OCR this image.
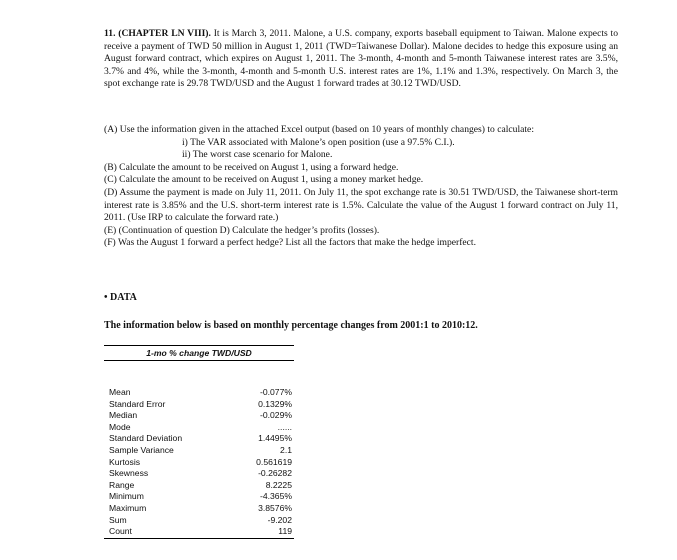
11. (CHAPTER LN VIII). It is March 3, 2011. Malone, a U.S. company, exports baseball equipment to Taiwan. Malone expects to receive a payment of TWD 50 million in August 1, 2011 (TWD=Taiwanese Dollar). Malone decides to hedge this exposure using an August forward contract, which expires on August 1, 2011. The 3-month, 4-month and 5-month Taiwanese interest rates are 3.5%, 3.7% and 4%, while the 3-month, 4-month and 5-month U.S. interest rates are 1%, 1.1% and 1.3%, respectively. On March 3, the spot exchange rate is 29.78 TWD/USD and the August 1 forward trades at 30.12 TWD/USD.

(A) Use the information given in the attached Excel output (based on 10 years of monthly changes) to calculate:

i) The VAR associated with Malone’s open position (use a 97.5% C.I.).

ii) The worst case scenario for Malone.

(B) Calculate the amount to be received on August 1, using a forward hedge.

(C) Calculate the amount to be received on August 1, using a money market hedge.

(D) Assume the payment is made on July 11, 2011. On July 11, the spot exchange rate is 30.51 TWD/USD, the Taiwanese short-term interest rate is 3.85% and the U.S. short-term interest rate is 1.5%. Calculate the value of the August 1 forward contract on July 11, 2011. (Use IRP to calculate the forward rate.)

(E) (Continuation of question D) Calculate the hedger’s profits (losses).

(F) Was the August 1 forward a perfect hedge? List all the factors that make the hedge imperfect.

• DATA
The information below is based on monthly percentage changes from 2001:1 to 2010:12.
1-mo % change TWD/USD
Mean	-0.077%
Standard Error	0.1329%
Median	-0.029%
Mode	......
Standard Deviation	1.4495%
Sample Variance	2.1
Kurtosis	0.561619
Skewness	-0.26282
Range	8.2225
Minimum	-4.365%
Maximum	3.8576%
Sum	-9.202
Count	119
